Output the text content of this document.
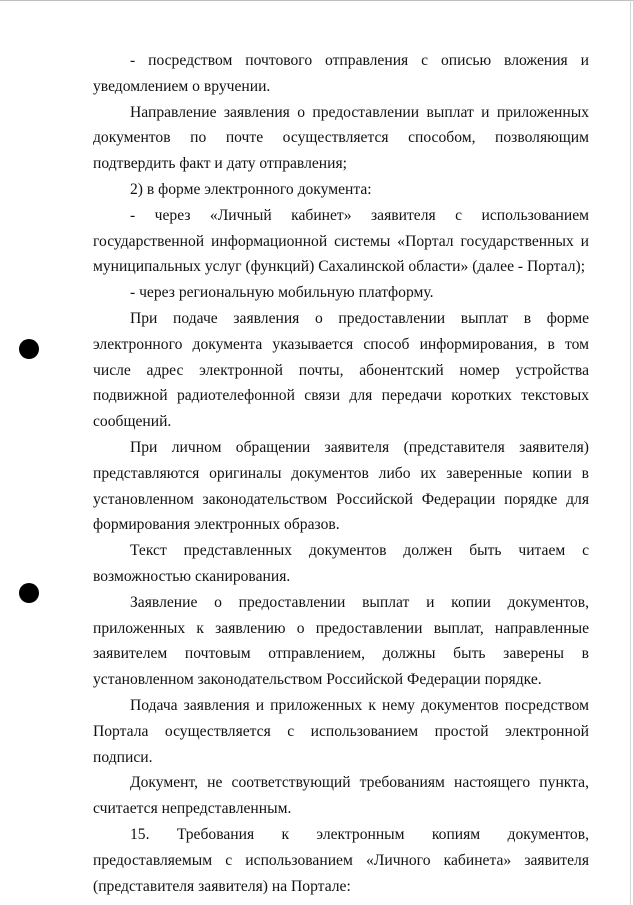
- посредством почтового отправления с описью вложения и уведомлением о вручении.

Направление заявления о предоставлении выплат и приложенных документов по почте осуществляется способом, позволяющим подтвердить факт и дату отправления;

2) в форме электронного документа:

- через «Личный кабинет» заявителя с использованием государственной информационной системы «Портал государственных и муниципальных услуг (функций) Сахалинской области» (далее - Портал);

- через региональную мобильную платформу.

При подаче заявления о предоставлении выплат в форме электронного документа указывается способ информирования, в том числе адрес электронной почты, абонентский номер устройства подвижной радиотелефонной связи для передачи коротких текстовых сообщений.

При личном обращении заявителя (представителя заявителя) представляются оригиналы документов либо их заверенные копии в установленном законодательством Российской Федерации порядке для формирования электронных образов.

Текст представленных документов должен быть читаем с возможностью сканирования.

Заявление о предоставлении выплат и копии документов, приложенных к заявлению о предоставлении выплат, направленные заявителем почтовым отправлением, должны быть заверены в установленном законодательством Российской Федерации порядке.

Подача заявления и приложенных к нему документов посредством Портала осуществляется с использованием простой электронной подписи.

Документ, не соответствующий требованиям настоящего пункта, считается непредставленным.

15. Требования к электронным копиям документов, предоставляемым с использованием «Личного кабинета» заявителя (представителя заявителя) на Портале:
